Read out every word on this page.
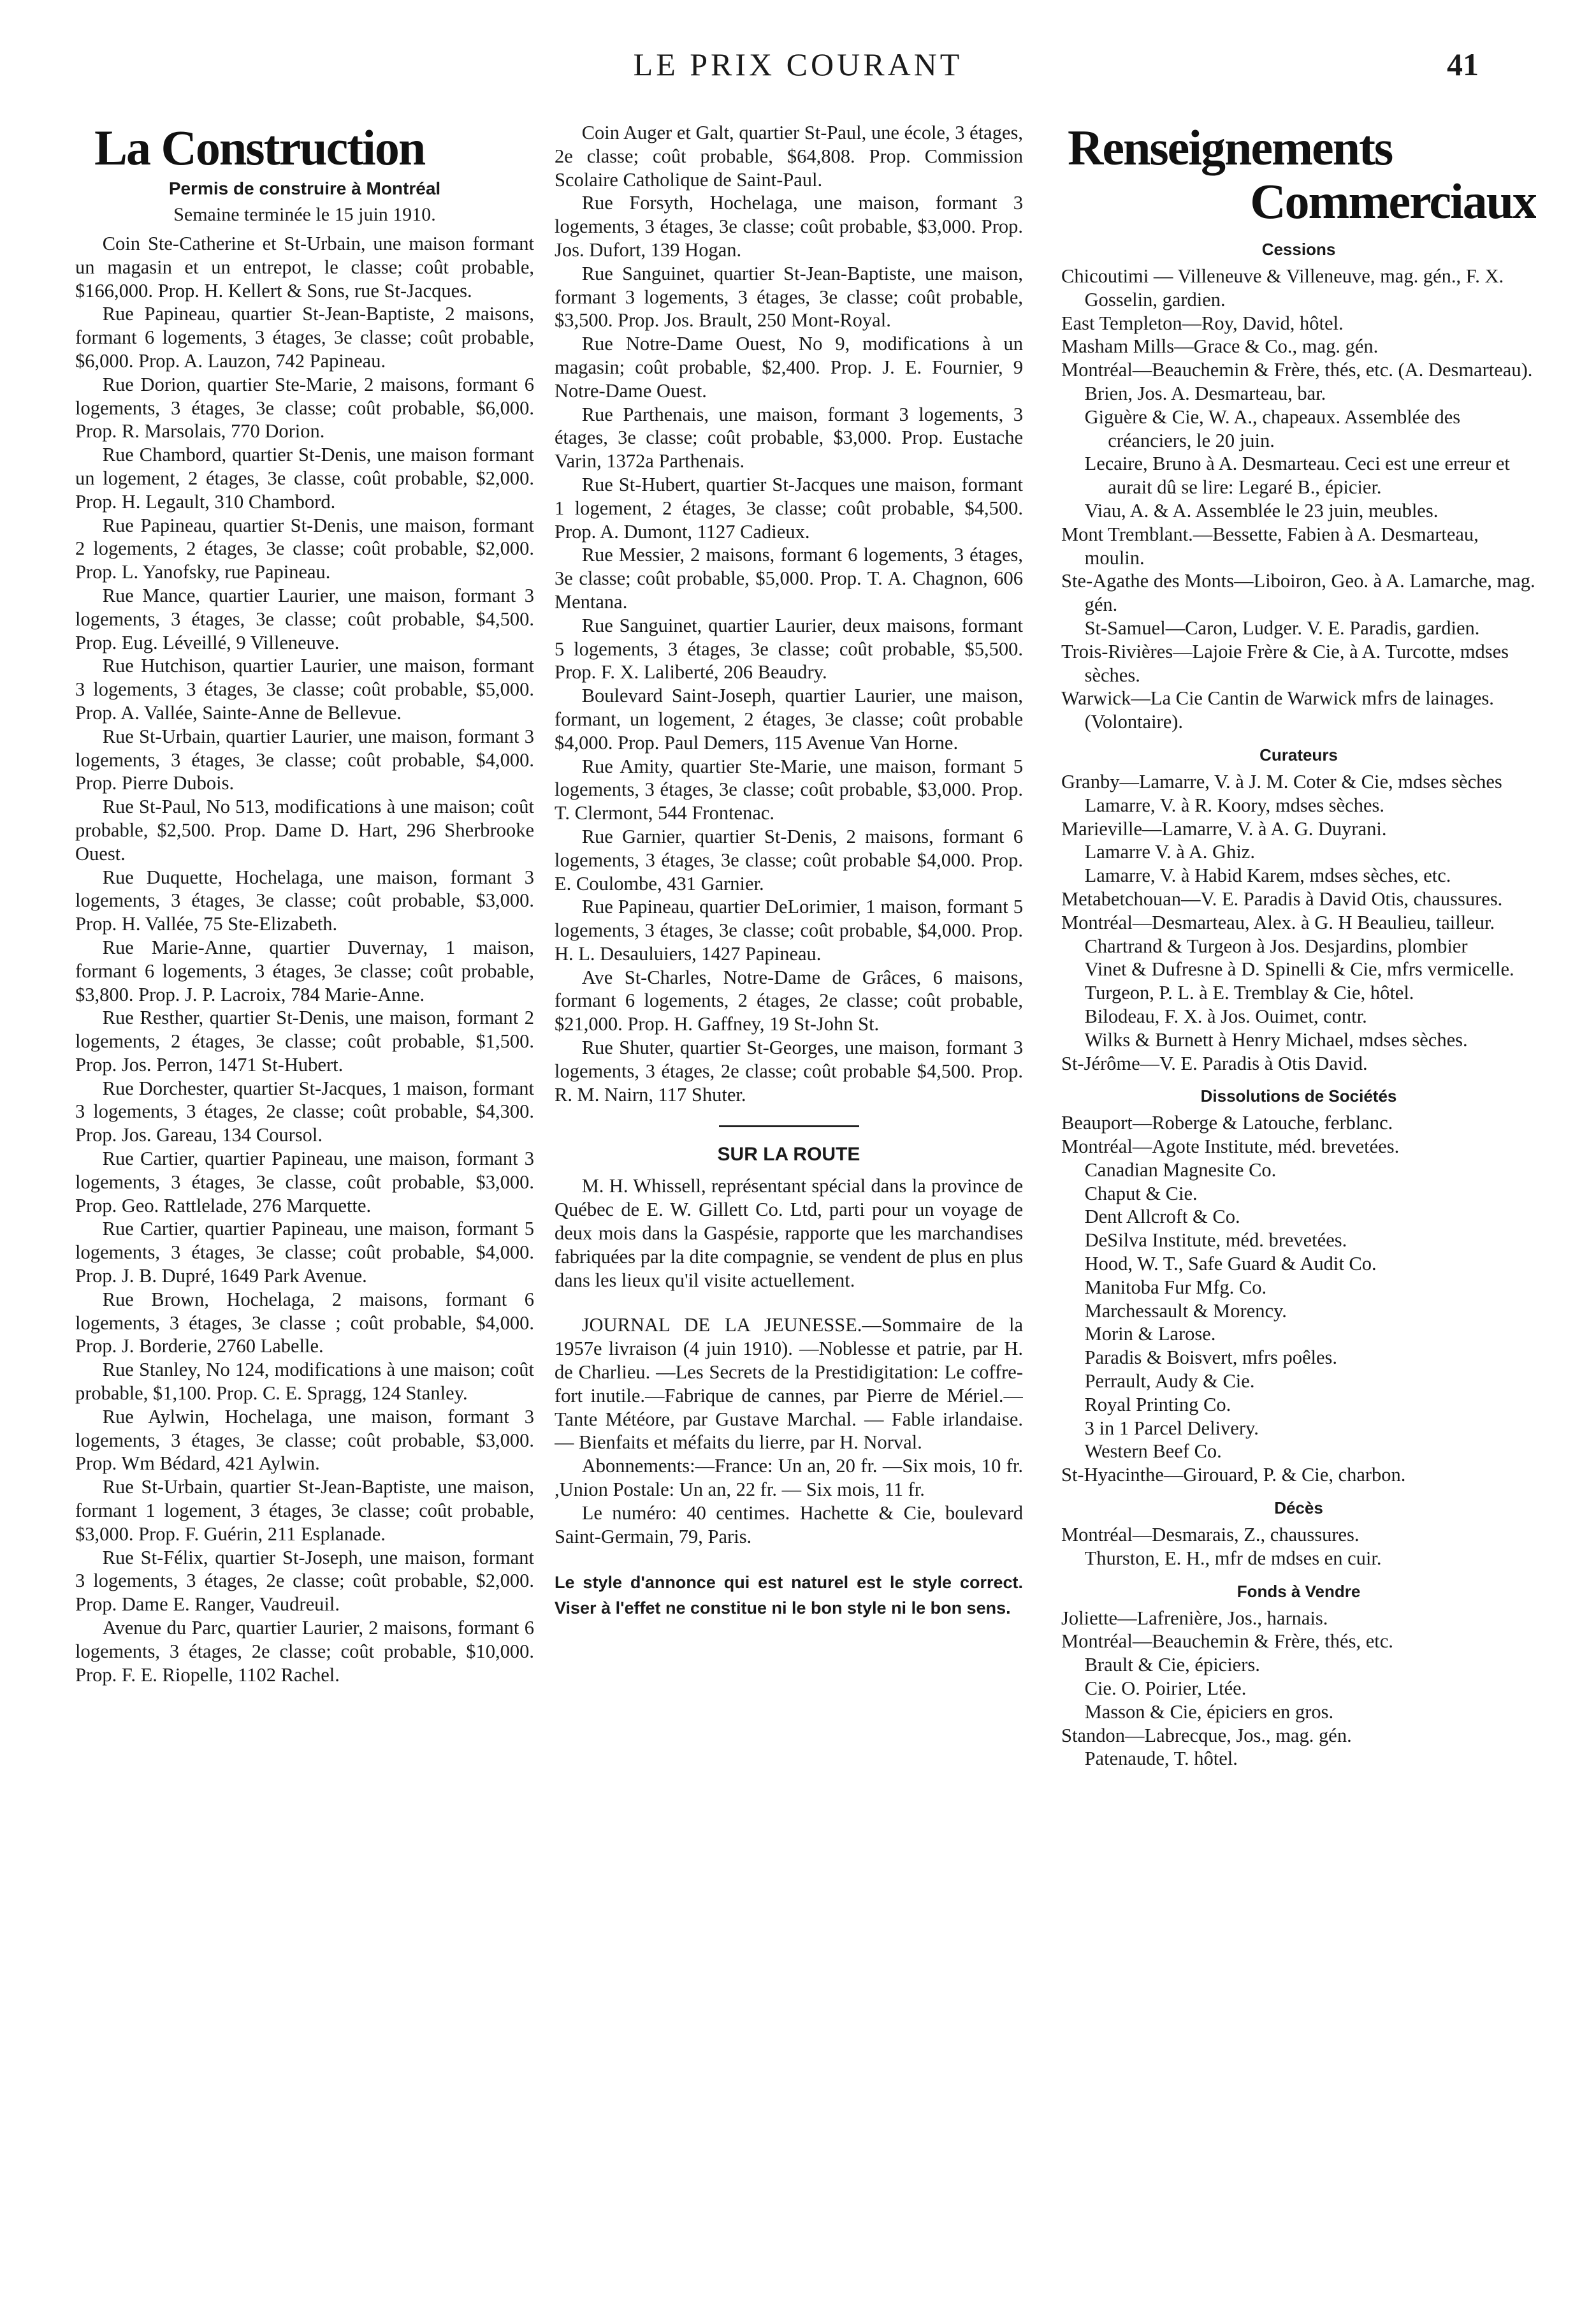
LE PRIX COURANT	41
La Construction
Permis de construire à Montréal
Semaine terminée le 15 juin 1910.

Coin Ste-Catherine et St-Urbain, une maison formant un magasin et un entrepot, le classe; coût probable, $166,000. Prop. H. Kellert & Sons, rue St-Jacques.

Rue Papineau, quartier St-Jean-Baptiste, 2 maisons, formant 6 logements, 3 étages, 3e classe; coût probable, $6,000. Prop. A. Lauzon, 742 Papineau.

Rue Dorion, quartier Ste-Marie, 2 maisons, formant 6 logements, 3 étages, 3e classe; coût probable, $6,000. Prop. R. Marsolais, 770 Dorion.

Rue Chambord, quartier St-Denis, une maison formant un logement, 2 étages, 3e classe, coût probable, $2,000. Prop. H. Legault, 310 Chambord.

Rue Papineau, quartier St-Denis, une maison, formant 2 logements, 2 étages, 3e classe; coût probable, $2,000. Prop. L. Yanofsky, rue Papineau.

Rue Mance, quartier Laurier, une maison, formant 3 logements, 3 étages, 3e classe; coût probable, $4,500. Prop. Eug. Léveillé, 9 Villeneuve.

Rue Hutchison, quartier Laurier, une maison, formant 3 logements, 3 étages, 3e classe; coût probable, $5,000. Prop. A. Vallée, Sainte-Anne de Bellevue.

Rue St-Urbain, quartier Laurier, une maison, formant 3 logements, 3 étages, 3e classe; coût probable, $4,000. Prop. Pierre Dubois.

Rue St-Paul, No 513, modifications à une maison; coût probable, $2,500. Prop. Dame D. Hart, 296 Sherbrooke Ouest.

Rue Duquette, Hochelaga, une maison, formant 3 logements, 3 étages, 3e classe; coût probable, $3,000. Prop. H. Vallée, 75 Ste-Elizabeth.

Rue Marie-Anne, quartier Duvernay, 1 maison, formant 6 logements, 3 étages, 3e classe; coût probable, $3,800. Prop. J. P. Lacroix, 784 Marie-Anne.

Rue Resther, quartier St-Denis, une maison, formant 2 logements, 2 étages, 3e classe; coût probable, $1,500. Prop. Jos. Perron, 1471 St-Hubert.

Rue Dorchester, quartier St-Jacques, 1 maison, formant 3 logements, 3 étages, 2e classe; coût probable, $4,300. Prop. Jos. Gareau, 134 Coursol.

Rue Cartier, quartier Papineau, une maison, formant 3 logements, 3 étages, 3e classe, coût probable, $3,000. Prop. Geo. Rattlelade, 276 Marquette.

Rue Cartier, quartier Papineau, une maison, formant 5 logements, 3 étages, 3e classe; coût probable, $4,000. Prop. J. B. Dupré, 1649 Park Avenue.

Rue Brown, Hochelaga, 2 maisons, formant 6 logements, 3 étages, 3e classe ; coût probable, $4,000. Prop. J. Borderie, 2760 Labelle.

Rue Stanley, No 124, modifications à une maison; coût probable, $1,100. Prop. C. E. Spragg, 124 Stanley.

Rue Aylwin, Hochelaga, une maison, formant 3 logements, 3 étages, 3e classe; coût probable, $3,000. Prop. Wm Bédard, 421 Aylwin.

Rue St-Urbain, quartier St-Jean-Baptiste, une maison, formant 1 logement, 3 étages, 3e classe; coût probable, $3,000. Prop. F. Guérin, 211 Esplanade.

Rue St-Félix, quartier St-Joseph, une maison, formant 3 logements, 3 étages, 2e classe; coût probable, $2,000. Prop. Dame E. Ranger, Vaudreuil.

Avenue du Parc, quartier Laurier, 2 maisons, formant 6 logements, 3 étages, 2e classe; coût probable, $10,000. Prop. F. E. Riopelle, 1102 Rachel.

Coin Auger et Galt, quartier St-Paul, une école, 3 étages, 2e classe; coût probable, $64,808. Prop. Commission Scolaire Catholique de Saint-Paul.

Rue Forsyth, Hochelaga, une maison, formant 3 logements, 3 étages, 3e classe; coût probable, $3,000. Prop. Jos. Dufort, 139 Hogan.

Rue Sanguinet, quartier St-Jean-Baptiste, une maison, formant 3 logements, 3 étages, 3e classe; coût probable, $3,500. Prop. Jos. Brault, 250 Mont-Royal.

Rue Notre-Dame Ouest, No 9, modifications à un magasin; coût probable, $2,400. Prop. J. E. Fournier, 9 Notre-Dame Ouest.

Rue Parthenais, une maison, formant 3 logements, 3 étages, 3e classe; coût probable, $3,000. Prop. Eustache Varin, 1372a Parthenais.

Rue St-Hubert, quartier St-Jacques une maison, formant 1 logement, 2 étages, 3e classe; coût probable, $4,500. Prop. A. Dumont, 1127 Cadieux.

Rue Messier, 2 maisons, formant 6 logements, 3 étages, 3e classe; coût probable, $5,000. Prop. T. A. Chagnon, 606 Mentana.

Rue Sanguinet, quartier Laurier, deux maisons, formant 5 logements, 3 étages, 3e classe; coût probable, $5,500. Prop. F. X. Laliberté, 206 Beaudry.

Boulevard Saint-Joseph, quartier Laurier, une maison, formant, un logement, 2 étages, 3e classe; coût probable $4,000. Prop. Paul Demers, 115 Avenue Van Horne.

Rue Amity, quartier Ste-Marie, une maison, formant 5 logements, 3 étages, 3e classe; coût probable, $3,000. Prop. T. Clermont, 544 Frontenac.

Rue Garnier, quartier St-Denis, 2 maisons, formant 6 logements, 3 étages, 3e classe; coût probable $4,000. Prop. E. Coulombe, 431 Garnier.

Rue Papineau, quartier DeLorimier, 1 maison, formant 5 logements, 3 étages, 3e classe; coût probable, $4,000. Prop. H. L. Desauluiers, 1427 Papineau.

Ave St-Charles, Notre-Dame de Grâces, 6 maisons, formant 6 logements, 2 étages, 2e classe; coût probable, $21,000. Prop. H. Gaffney, 19 St-John St.

Rue Shuter, quartier St-Georges, une maison, formant 3 logements, 3 étages, 2e classe; coût probable $4,500. Prop. R. M. Nairn, 117 Shuter.

SUR LA ROUTE

M. H. Whissell, représentant spécial dans la province de Québec de E. W. Gillett Co. Ltd, parti pour un voyage de deux mois dans la Gaspésie, rapporte que les marchandises fabriquées par la dite compagnie, se vendent de plus en plus dans les lieux qu'il visite actuellement.

JOURNAL DE LA JEUNESSE.—Sommaire de la 1957e livraison (4 juin 1910). —Noblesse et patrie, par H. de Charlieu. —Les Secrets de la Prestidigitation: Le coffre-fort inutile.—Fabrique de cannes, par Pierre de Mériel.—Tante Météore, par Gustave Marchal. — Fable irlandaise. — Bienfaits et méfaits du lierre, par H. Norval.

Abonnements:—France: Un an, 20 fr. —Six mois, 10 fr. ,Union Postale: Un an, 22 fr. — Six mois, 11 fr.

Le numéro: 40 centimes. Hachette & Cie, boulevard Saint-Germain, 79, Paris.

Le style d'annonce qui est naturel est le style correct. Viser à l'effet ne constitue ni le bon style ni le bon sens.
Renseignements
Commerciaux
Cessions

Chicoutimi — Villeneuve & Villeneuve, mag. gén., F. X. Gosselin, gardien.

East Templeton—Roy, David, hôtel.

Masham Mills—Grace & Co., mag. gén.

Montréal—Beauchemin & Frère, thés, etc. (A. Desmarteau).

Brien, Jos. A. Desmarteau, bar.

Giguère & Cie, W. A., chapeaux. Assemblée des créanciers, le 20 juin.

Lecaire, Bruno à A. Desmarteau. Ceci est une erreur et aurait dû se lire: Legaré B., épicier.

Viau, A. & A. Assemblée le 23 juin, meubles.

Mont Tremblant.—Bessette, Fabien à A. Desmarteau, moulin.

Ste-Agathe des Monts—Liboiron, Geo. à A. Lamarche, mag. gén.

St-Samuel—Caron, Ludger. V. E. Paradis, gardien.

Trois-Rivières—Lajoie Frère & Cie, à A. Turcotte, mdses sèches.

Warwick—La Cie Cantin de Warwick mfrs de lainages. (Volontaire).

Curateurs

Granby—Lamarre, V. à J. M. Coter & Cie, mdses sèches

Lamarre, V. à R. Koory, mdses sèches.

Marieville—Lamarre, V. à A. G. Duyrani.

Lamarre V. à A. Ghiz.

Lamarre, V. à Habid Karem, mdses sèches, etc.

Metabetchouan—V. E. Paradis à David Otis, chaussures.

Montréal—Desmarteau, Alex. à G. H Beaulieu, tailleur.

Chartrand & Turgeon à Jos. Desjardins, plombier

Vinet & Dufresne à D. Spinelli & Cie, mfrs vermicelle.

Turgeon, P. L. à E. Tremblay & Cie, hôtel.

Bilodeau, F. X. à Jos. Ouimet, contr.

Wilks & Burnett à Henry Michael, mdses sèches.

St-Jérôme—V. E. Paradis à Otis David.

Dissolutions de Sociétés

Beauport—Roberge & Latouche, ferblanc.

Montréal—Agote Institute, méd. brevetées.

Canadian Magnesite Co.

Chaput & Cie.

Dent Allcroft & Co.

DeSilva Institute, méd. brevetées.

Hood, W. T., Safe Guard & Audit Co.

Manitoba Fur Mfg. Co.

Marchessault & Morency.

Morin & Larose.

Paradis & Boisvert, mfrs poêles.

Perrault, Audy & Cie.

Royal Printing Co.

3 in 1 Parcel Delivery.

Western Beef Co.

St-Hyacinthe—Girouard, P. & Cie, charbon.

Décès

Montréal—Desmarais, Z., chaussures.

Thurston, E. H., mfr de mdses en cuir.

Fonds à Vendre

Joliette—Lafrenière, Jos., harnais.

Montréal—Beauchemin & Frère, thés, etc.

Brault & Cie, épiciers.

Cie. O. Poirier, Ltée.

Masson & Cie, épiciers en gros.

Standon—Labrecque, Jos., mag. gén.

Patenaude, T. hôtel.
